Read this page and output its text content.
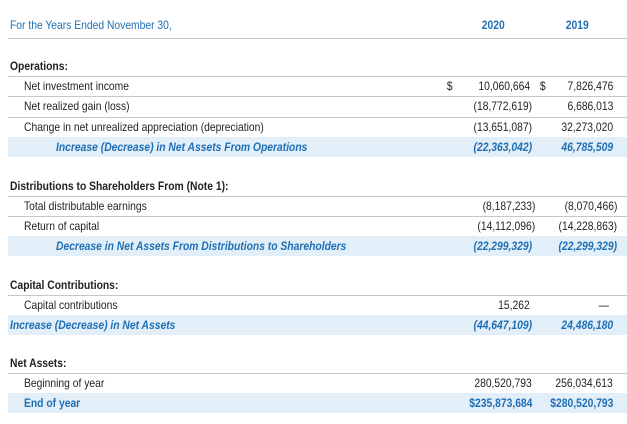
For the Years Ended November 30,	2020	2019
Operations:
Net investment income	$ 10,060,664 $ 7,826,476
Net realized gain (loss)	(18,772,619)	6,686,013
Change in net unrealized appreciation (depreciation)	(13,651,087) 32,273,020
Increase (Decrease) in Net Assets From Operations	(22,363,042) 46,785,509
Distributions to Shareholders From (Note 1):
Total distributable earnings	(8,187,233) (8,070,466)
Return of capital	(14,112,096) (14,228,863)
Decrease in Net Assets From Distributions to Shareholders	(22,299,329) (22,299,329)
Capital Contributions:
Capital contributions	15,262	—
Increase (Decrease) in Net Assets	(44,647,109) 24,486,180
Net Assets:
Beginning of year	280,520,793 256,034,613
End of year	$235,873,684 $280,520,793
